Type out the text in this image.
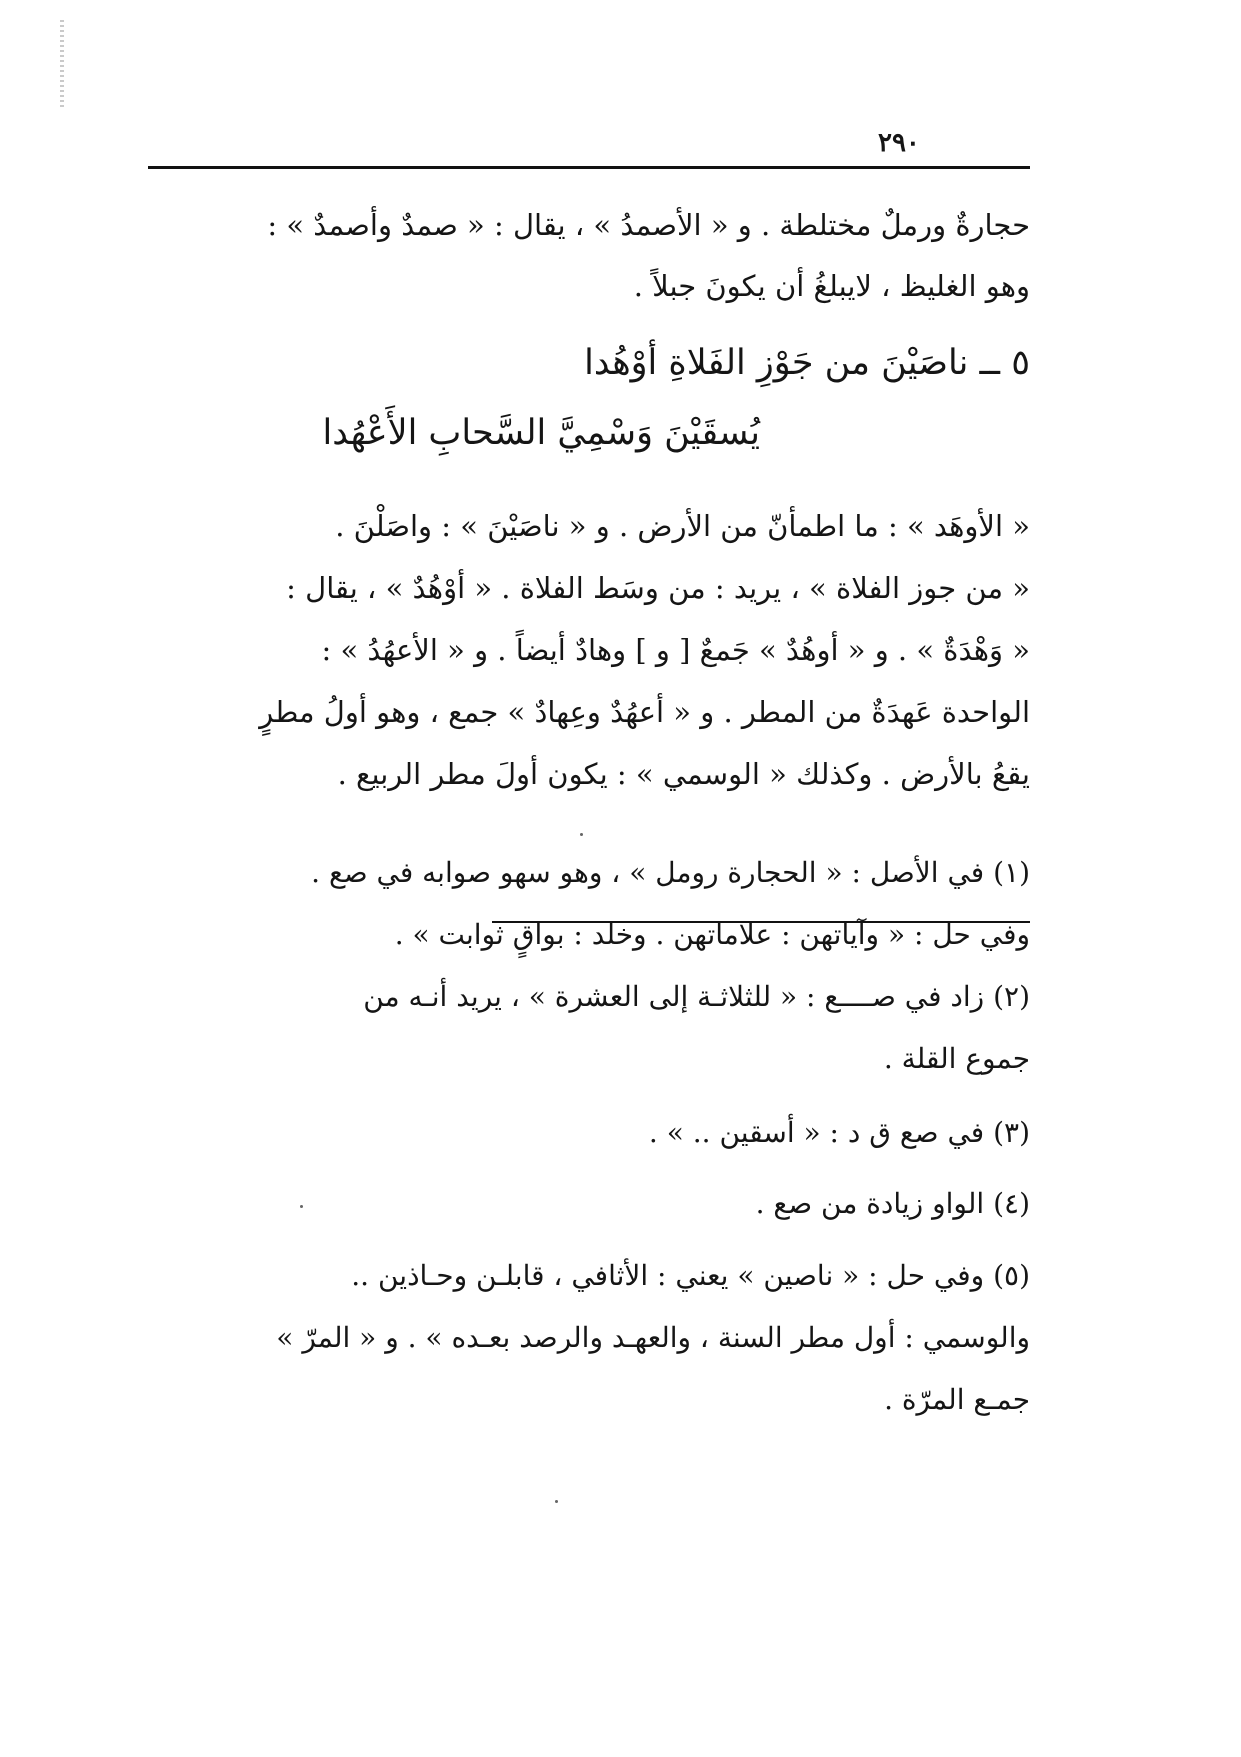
٢٩٠
حجارةٌ ورملٌ مختلطة . و « الأصمدُ » ، يقال : « صمدٌ وأصمدٌ » :
وهو الغليظ ، لايبلغُ أن يكونَ جبلاً .
٥ ــ ناصَيْنَ من جَوْزِ الفَلاةِ أوْهُدا
يُسقَيْنَ وَسْمِيَّ السَّحابِ الأَعْهُدا
« الأوهَد » : ما اطمأنّ من الأرض . و « ناصَيْنَ » : واصَلْنَ .
« من جوز الفلاة » ، يريد : من وسَط الفلاة . « أوْهُدٌ » ، يقال :
« وَهْدَةٌ » . و « أوهُدٌ » جَمعٌ [ و ] وهادٌ أيضاً . و « الأعهُدُ » :
الواحدة عَهدَةٌ من المطر . و « أعهُدٌ وعِهادٌ » جمع ، وهو أولُ مطرٍ
يقعُ بالأرض . وكذلك « الوسمي » : يكون أولَ مطر الربيع .
(١) في الأصل : « الحجارة رومل » ، وهو سهو صوابه في صع .
وفي حل : « وآياتهن : علاماتهن . وخلد : بواقٍ ثوابت » .
(٢) زاد في صــــع : « للثلاثـة إلى العشرة » ، يريد أنـه من
جموع القلة .
(٣) في صع ق د : « أسقين .. » .
(٤) الواو زيادة من صع .
(٥) وفي حل : « ناصين » يعني : الأثافي ، قابلـن وحـاذين ..
والوسمي : أول مطر السنة ، والعهـد والرصد بعـده » . و « المرّ »
جمـع المرّة .
